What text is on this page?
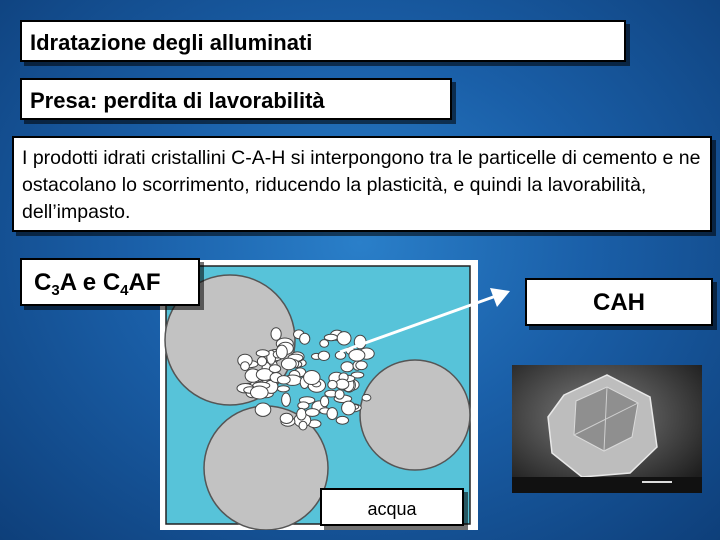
Idratazione degli alluminati
Presa: perdita di lavorabilità
I prodotti idrati cristallini C-A-H si interpongono tra le particelle di cemento e ne ostacolano lo scorrimento, riducendo la plasticità, e quindi la lavorabilità, dell’impasto.
$C_3A$ e $C_4AF$
CAH
acqua
